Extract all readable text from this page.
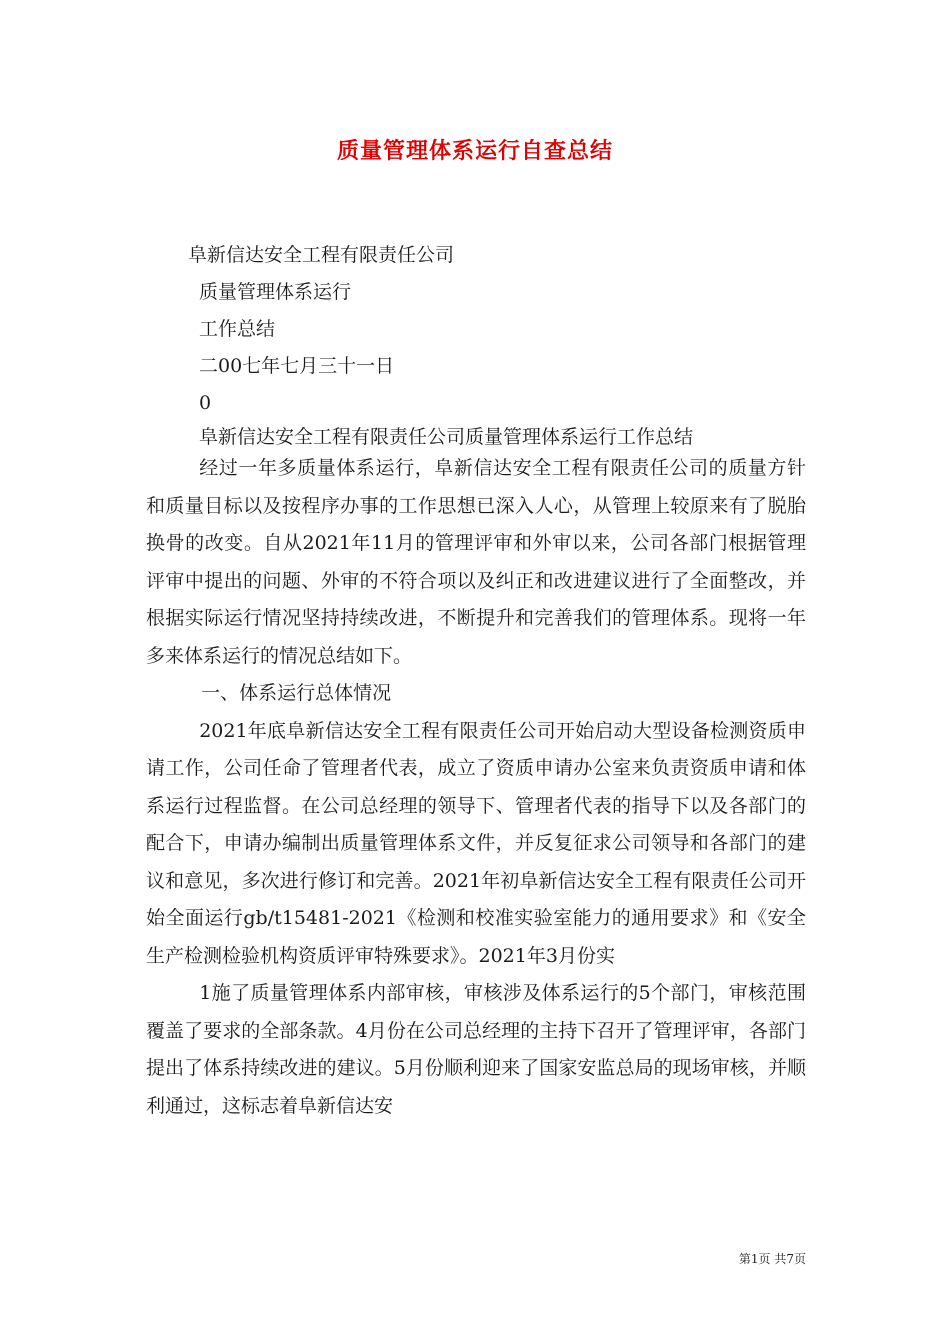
质量管理体系运行自查总结
阜新信达安全工程有限责任公司
质量管理体系运行
工作总结
二00七年七月三十一日
0
阜新信达安全工程有限责任公司质量管理体系运行工作总结

经过一年多质量体系运行，阜新信达安全工程有限责任公司的质量方针和质量目标以及按程序办事的工作思想已深入人心，从管理上较原来有了脱胎换骨的改变。自从2021年11月的管理评审和外审以来，公司各部门根据管理评审中提出的问题、外审的不符合项以及纠正和改进建议进行了全面整改，并根据实际运行情况坚持持续改进，不断提升和完善我们的管理体系。现将一年多来体系运行的情况总结如下。

一、体系运行总体情况

2021年底阜新信达安全工程有限责任公司开始启动大型设备检测资质申请工作，公司任命了管理者代表，成立了资质申请办公室来负责资质申请和体系运行过程监督。在公司总经理的领导下、管理者代表的指导下以及各部门的配合下，申请办编制出质量管理体系文件，并反复征求公司领导和各部门的建议和意见，多次进行修订和完善。2021年初阜新信达安全工程有限责任公司开始全面运行gb/t15481-2021《检测和校准实验室能力的通用要求》和《安全生产检测检验机构资质评审特殊要求》。2021年3月份实

1施了质量管理体系内部审核，审核涉及体系运行的5个部门，审核范围覆盖了要求的全部条款。4月份在公司总经理的主持下召开了管理评审，各部门提出了体系持续改进的建议。5月份顺利迎来了国家安监总局的现场审核，并顺利通过，这标志着阜新信达安

第1页 共7页
